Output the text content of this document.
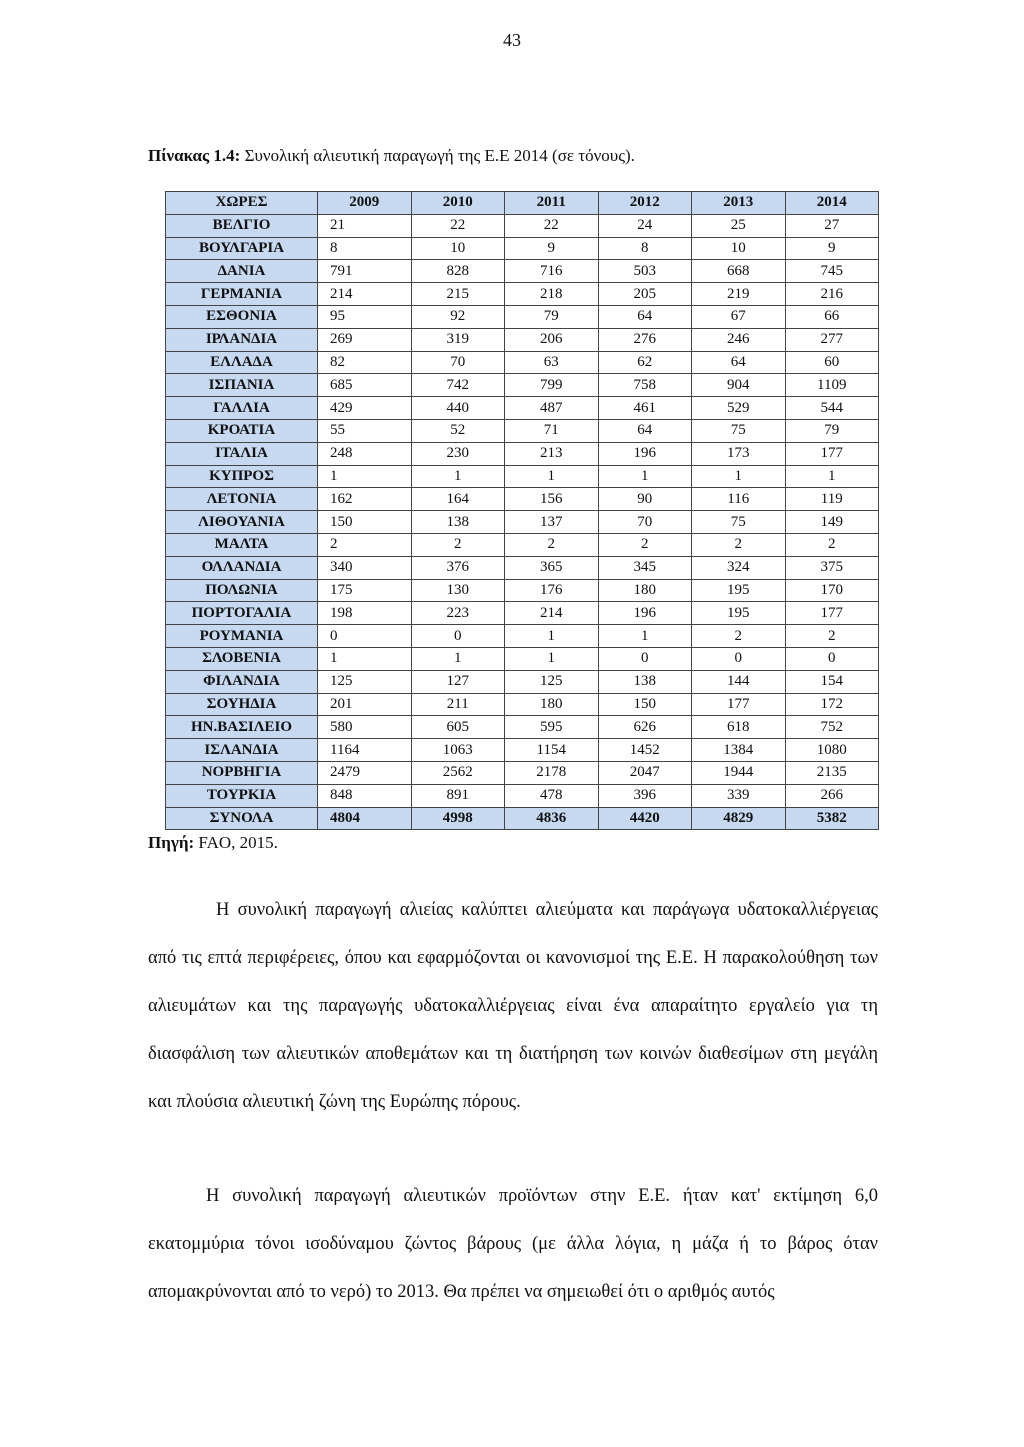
43
Πίνακας 1.4: Συνολική αλιευτική παραγωγή της Ε.Ε 2014 (σε τόνους).
ΧΩΡΕΣ	2009	2010	2011	2012	2013	2014
ΒΕΛΓΙΟ	21	22	22	24	25	27
ΒΟΥΛΓΑΡΙΑ	8	10	9	8	10	9
ΔΑΝΙΑ	791	828	716	503	668	745
ΓΕΡΜΑΝΙΑ	214	215	218	205	219	216
ΕΣΘΟΝΙΑ	95	92	79	64	67	66
ΙΡΛΑΝΔΙΑ	269	319	206	276	246	277
ΕΛΛΑΔΑ	82	70	63	62	64	60
ΙΣΠΑΝΙΑ	685	742	799	758	904	1109
ΓΑΛΛΙΑ	429	440	487	461	529	544
ΚΡΟΑΤΙΑ	55	52	71	64	75	79
ΙΤΑΛΙΑ	248	230	213	196	173	177
ΚΥΠΡΟΣ	1	1	1	1	1	1
ΛΕΤΟΝΙΑ	162	164	156	90	116	119
ΛΙΘΟΥΑΝΙΑ	150	138	137	70	75	149
ΜΑΛΤΑ	2	2	2	2	2	2
ΟΛΛΑΝΔΙΑ	340	376	365	345	324	375
ΠΟΛΩΝΙΑ	175	130	176	180	195	170
ΠΟΡΤΟΓΑΛΙΑ	198	223	214	196	195	177
ΡΟΥΜΑΝΙΑ	0	0	1	1	2	2
ΣΛΟΒΕΝΙΑ	1	1	1	0	0	0
ΦΙΛΑΝΔΙΑ	125	127	125	138	144	154
ΣΟΥΗΔΙΑ	201	211	180	150	177	172
ΗΝ.ΒΑΣΙΛΕΙΟ	580	605	595	626	618	752
ΙΣΛΑΝΔΙΑ	1164	1063	1154	1452	1384	1080
ΝΟΡΒΗΓΙΑ	2479	2562	2178	2047	1944	2135
ΤΟΥΡΚΙΑ	848	891	478	396	339	266
ΣΥΝΟΛΑ	4804	4998	4836	4420	4829	5382
Πηγή: FAO, 2015.

Η συνολική παραγωγή αλιείας καλύπτει αλιεύματα και παράγωγα υδατοκαλλιέργειας από τις επτά περιφέρειες, όπου και εφαρμόζονται οι κανονισμοί της Ε.Ε. Η παρακολούθηση των αλιευμάτων και της παραγωγής υδατοκαλλιέργειας είναι ένα απαραίτητο εργαλείο για τη διασφάλιση των αλιευτικών αποθεμάτων και τη διατήρηση των κοινών διαθεσίμων στη μεγάλη και πλούσια αλιευτική ζώνη της Ευρώπης πόρους.

Η συνολική παραγωγή αλιευτικών προϊόντων στην Ε.Ε. ήταν κατ' εκτίμηση 6,0 εκατομμύρια τόνοι ισοδύναμου ζώντος βάρους (με άλλα λόγια, η μάζα ή το βάρος όταν απομακρύνονται από το νερό) το 2013. Θα πρέπει να σημειωθεί ότι ο αριθμός αυτός
